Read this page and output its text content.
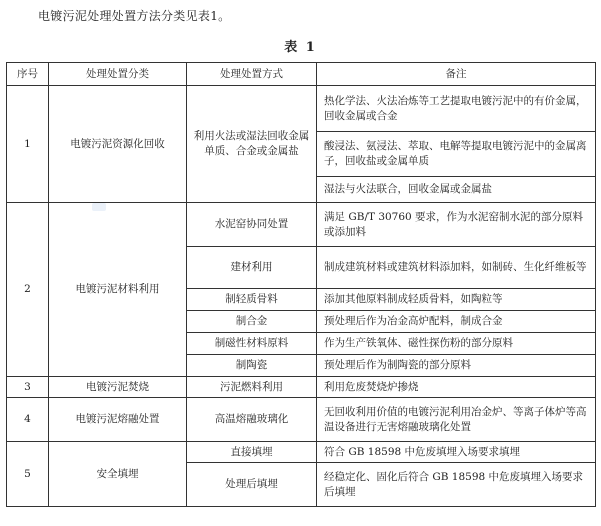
电镀污泥处理处置方法分类见表1。
表 1
序号	处理处置分类	处理处置方式	备注
1	电镀污泥资源化回收	利用火法或湿法回收金属单质、合金或金属盐	热化学法、火法冶炼等工艺提取电镀污泥中的有价金属，回收金属或合金
			酸浸法、氨浸法、萃取、电解等提取电镀污泥中的金属离子，回收盐或金属单质
			湿法与火法联合，回收金属或金属盐
2	电镀污泥材料利用	水泥窑协同处置	满足 GB/T 30760 要求，作为水泥窑制水泥的部分原料或添加料
		建材利用	制成建筑材料或建筑材料添加料，如制砖、生化纤维板等
		制轻质骨料	添加其他原料制成轻质骨料，如陶粒等
		制合金	预处理后作为冶金高炉配料，制成合金
		制磁性材料原料	作为生产铁氧体、磁性探伤粉的部分原料
		制陶瓷	预处理后作为制陶瓷的部分原料
3	电镀污泥焚烧	污泥燃料利用	利用危废焚烧炉掺烧
4	电镀污泥熔融处置	高温熔融玻璃化	无回收利用价值的电镀污泥利用冶金炉、等离子体炉等高温设备进行无害熔融玻璃化处置
5	安全填埋	直接填埋	符合 GB 18598 中危废填埋入场要求填埋
		处理后填埋	经稳定化、固化后符合 GB 18598 中危废填埋入场要求后填埋
